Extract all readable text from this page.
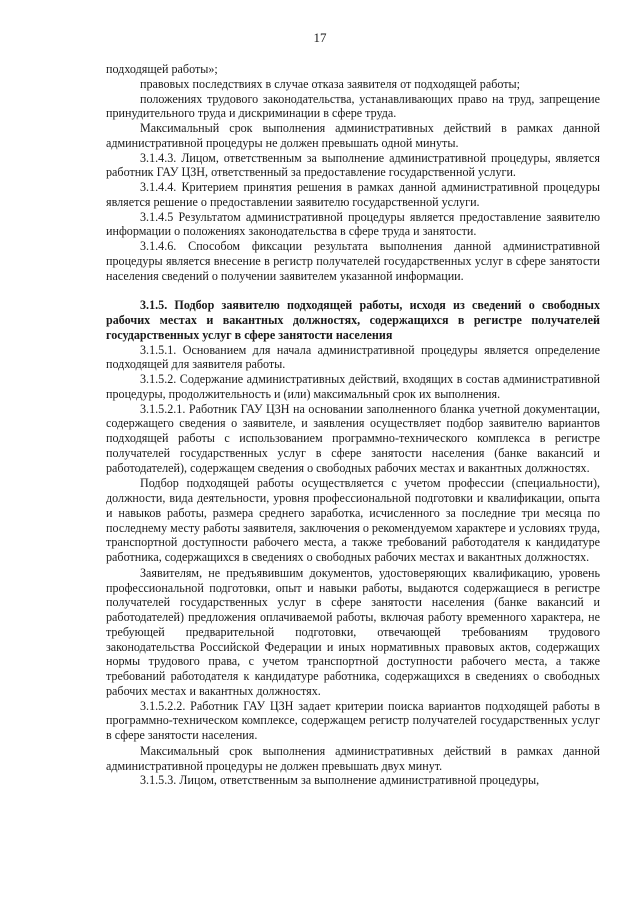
17

подходящей работы»;

правовых последствиях в случае отказа заявителя от подходящей работы;

положениях трудового законодательства, устанавливающих право на труд, запрещение принудительного труда и дискриминации в сфере труда.

Максимальный срок выполнения административных действий в рамках данной административной процедуры не должен превышать одной минуты.

3.1.4.3. Лицом, ответственным за выполнение административной процедуры, является работник ГАУ ЦЗН, ответственный за предоставление государственной услуги.

3.1.4.4. Критерием принятия решения в рамках данной административной процедуры является решение о предоставлении заявителю государственной услуги.

3.1.4.5 Результатом административной процедуры является предоставление заявителю информации о положениях законодательства в сфере труда и занятости.

3.1.4.6. Способом фиксации результата выполнения данной административной процедуры является внесение в регистр получателей государственных услуг в сфере занятости населения сведений о получении заявителем указанной информации.

3.1.5. Подбор заявителю подходящей работы, исходя из сведений о свободных рабочих местах и вакантных должностях, содержащихся в регистре получателей государственных услуг в сфере занятости населения

3.1.5.1. Основанием для начала административной процедуры является определение подходящей для заявителя работы.

3.1.5.2. Содержание административных действий, входящих в состав административной процедуры, продолжительность и (или) максимальный срок их выполнения.

3.1.5.2.1. Работник ГАУ ЦЗН на основании заполненного бланка учетной документации, содержащего сведения о заявителе, и заявления осуществляет подбор заявителю вариантов подходящей работы с использованием программно-технического комплекса в регистре получателей государственных услуг в сфере занятости населения (банке вакансий и работодателей), содержащем сведения о свободных рабочих местах и вакантных должностях.

Подбор подходящей работы осуществляется с учетом профессии (специальности), должности, вида деятельности, уровня профессиональной подготовки и квалификации, опыта и навыков работы, размера среднего заработка, исчисленного за последние три месяца по последнему месту работы заявителя, заключения о рекомендуемом характере и условиях труда, транспортной доступности рабочего места, а также требований работодателя к кандидатуре работника, содержащихся в сведениях о свободных рабочих местах и вакантных должностях.

Заявителям, не предъявившим документов, удостоверяющих квалификацию, уровень профессиональной подготовки, опыт и навыки работы, выдаются содержащиеся в регистре получателей государственных услуг в сфере занятости населения (банке вакансий и работодателей) предложения оплачиваемой работы, включая работу временного характера, не требующей предварительной подготовки, отвечающей требованиям трудового законодательства Российской Федерации и иных нормативных правовых актов, содержащих нормы трудового права, с учетом транспортной доступности рабочего места, а также требований работодателя к кандидатуре работника, содержащихся в сведениях о свободных рабочих местах и вакантных должностях.

3.1.5.2.2. Работник ГАУ ЦЗН задает критерии поиска вариантов подходящей работы в программно-техническом комплексе, содержащем регистр получателей государственных услуг в сфере занятости населения.

Максимальный срок выполнения административных действий в рамках данной административной процедуры не должен превышать двух минут.

3.1.5.3. Лицом, ответственным за выполнение административной процедуры,
